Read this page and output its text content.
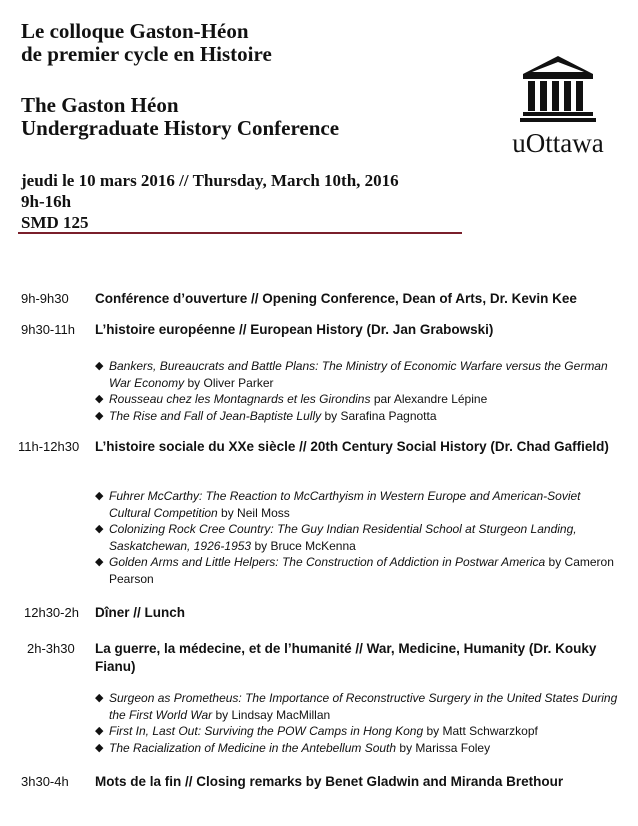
Le colloque Gaston-Héon
de premier cycle en Histoire
The Gaston Héon
Undergraduate History Conference
jeudi le 10 mars 2016 // Thursday, March 10th, 2016
9h-16h
SMD 125
uOttawa
9h-9h30 Conférence d’ouverture // Opening Conference, Dean of Arts, Dr. Kevin Kee
9h30-11h L’histoire européenne // European History (Dr. Jan Grabowski)
◆ Bankers, Bureaucrats and Battle Plans: The Ministry of Economic Warfare versus the German War Economy by Oliver Parker
◆ Rousseau chez les Montagnards et les Girondins par Alexandre Lépine
◆ The Rise and Fall of Jean-Baptiste Lully by Sarafina Pagnotta
11h-12h30 L’histoire sociale du XXe siècle // 20th Century Social History (Dr. Chad Gaffield)
◆ Fuhrer McCarthy: The Reaction to McCarthyism in Western Europe and American-Soviet Cultural Competition by Neil Moss
◆ Colonizing Rock Cree Country: The Guy Indian Residential School at Sturgeon Landing, Saskatchewan, 1926-1953 by Bruce McKenna
◆ Golden Arms and Little Helpers: The Construction of Addiction in Postwar America by Cameron Pearson
12h30-2h Dîner // Lunch
2h-3h30 La guerre, la médecine, et de l’humanité // War, Medicine, Humanity (Dr. Kouky Fianu)
◆ Surgeon as Prometheus: The Importance of Reconstructive Surgery in the United States During the First World War by Lindsay MacMillan
◆ First In, Last Out: Surviving the POW Camps in Hong Kong by Matt Schwarzkopf
◆ The Racialization of Medicine in the Antebellum South by Marissa Foley
3h30-4h Mots de la fin // Closing remarks by Benet Gladwin and Miranda Brethour
